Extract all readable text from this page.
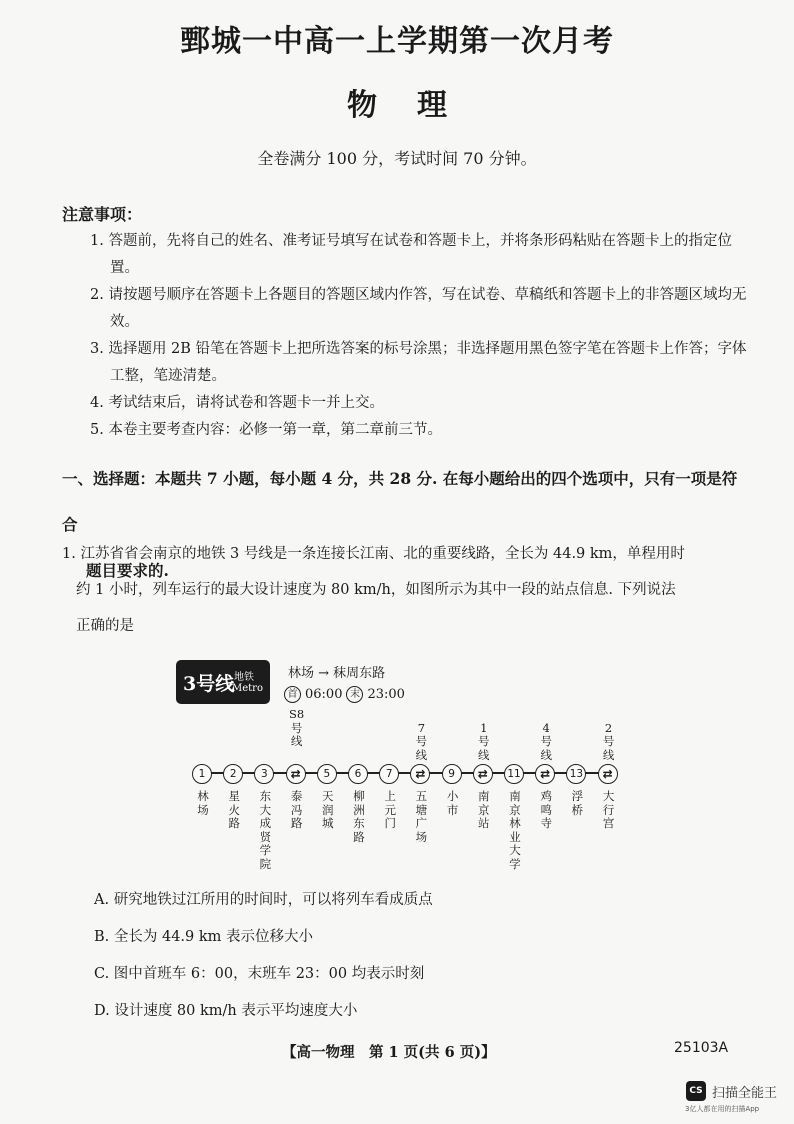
鄄城一中高一上学期第一次月考
物理
全卷满分 100 分，考试时间 70 分钟。
注意事项：
1. 答题前，先将自己的姓名、准考证号填写在试卷和答题卡上，并将条形码粘贴在答题卡上的指定位置。
2. 请按题号顺序在答题卡上各题目的答题区域内作答，写在试卷、草稿纸和答题卡上的非答题区域均无效。
3. 选择题用 2B 铅笔在答题卡上把所选答案的标号涂黑；非选择题用黑色签字笔在答题卡上作答；字体工整，笔迹清楚。
4. 考试结束后，请将试卷和答题卡一并上交。
5. 本卷主要考查内容：必修一第一章，第二章前三节。
一、选择题：本题共 7 小题，每小题 4 分，共 28 分. 在每小题给出的四个选项中，只有一项是符合
题目要求的.
1. 江苏省省会南京的地铁 3 号线是一条连接长江南、北的重要线路，全长为 44.9 km，单程用时
约 1 小时，列车运行的最大设计速度为 80 km/h，如图所示为其中一段的站点信息. 下列说法
正确的是
3号线 地铁
Metro
林场 → 秣周东路
首 06:00 末 23:00
1
林场
2
星火路
3
东大成贤学院
⇄
泰冯路
S8号线
5
天润城
6
柳洲东路
7
上元门
⇄
五塘广场
7号线
9
小市
⇄
南京站
1号线
11
南京林业大学
⇄
鸡鸣寺
4号线
13
浮桥
⇄
大行宫
2号线
A. 研究地铁过江所用的时间时，可以将列车看成质点
B. 全长为 44.9 km 表示位移大小
C. 图中首班车 6：00，末班车 23：00 均表示时刻
D. 设计速度 80 km/h 表示平均速度大小
【高一物理　第 1 页(共 6 页)】	25103A
CS 扫描全能王
3亿人都在用的扫描App
